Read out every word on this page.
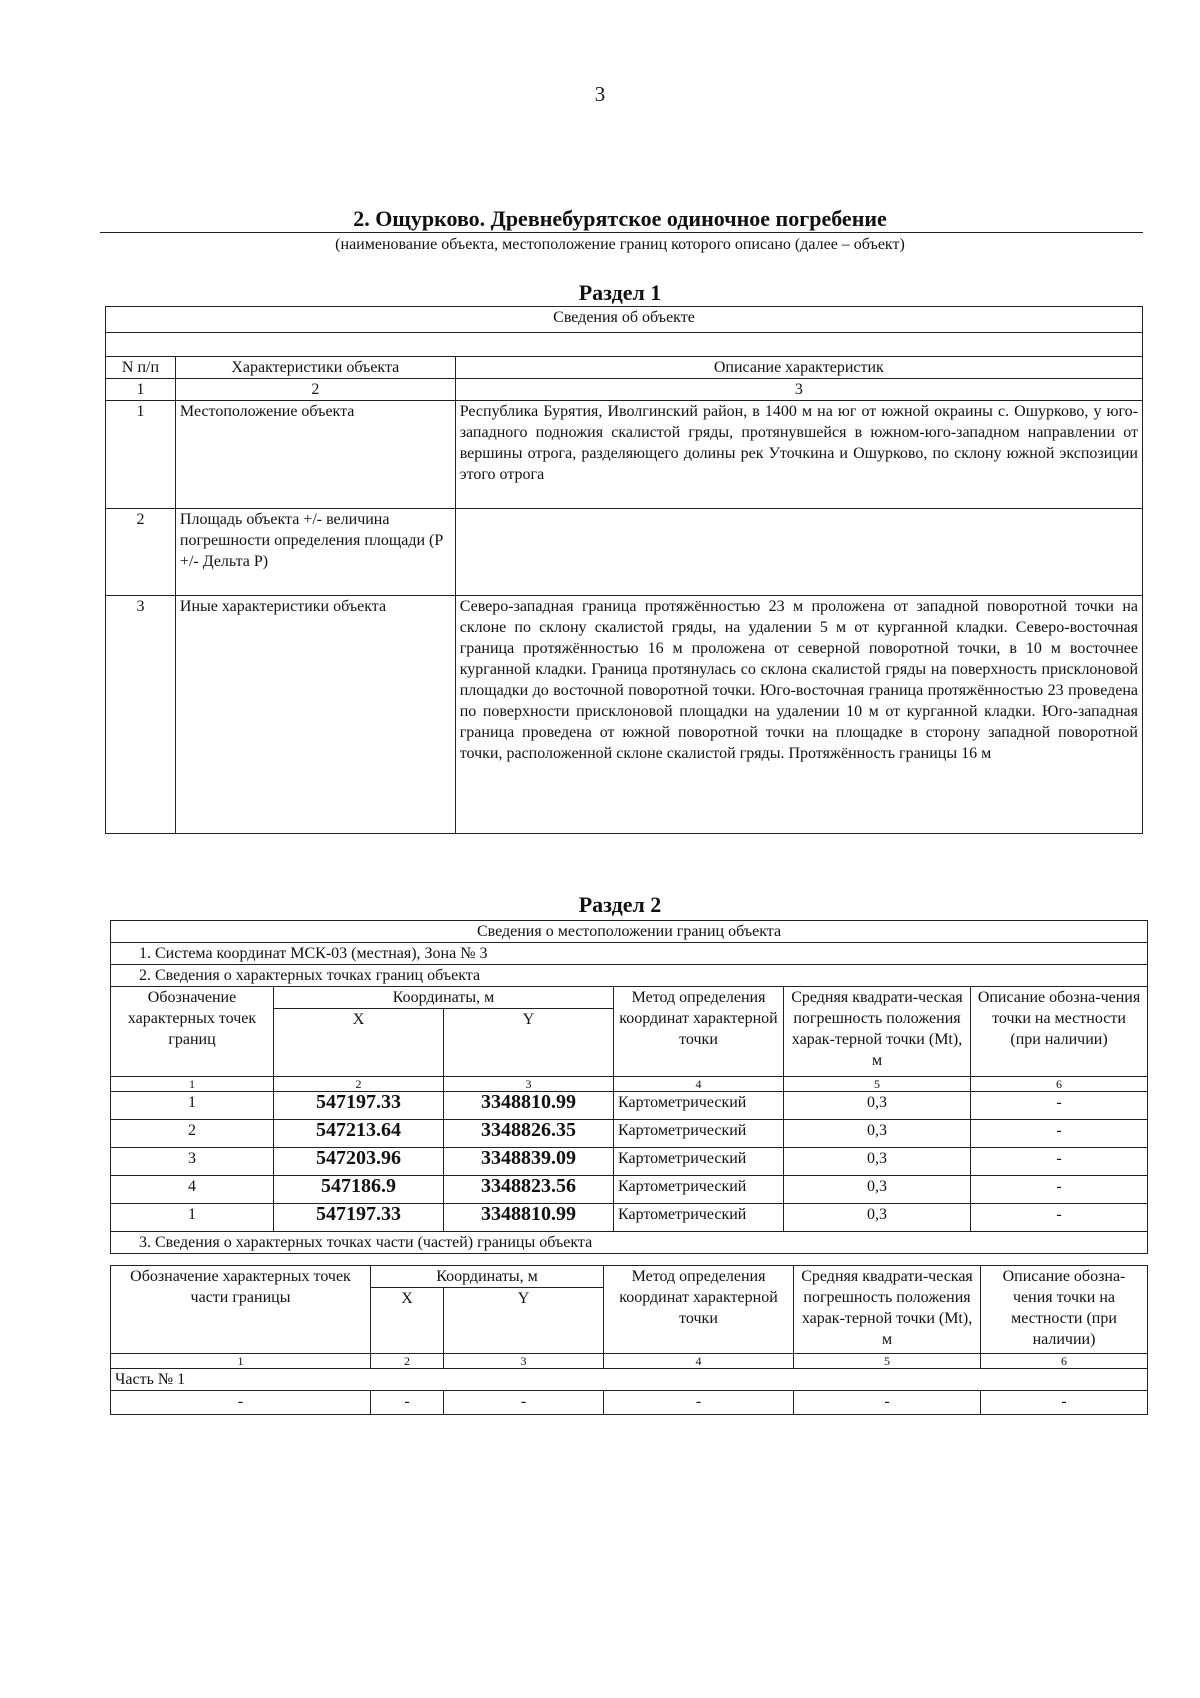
3
2. Ощурково. Древнебурятское одиночное погребение
(наименование объекта, местоположение границ которого описано (далее – объект)
Раздел 1
Сведения об объекте		

N п/п	Характеристики объекта	Описание характеристик
1	2	3
1	Местоположение объекта	Республика Бурятия, Иволгинский район, в 1400 м на юг от южной окраины с. Ошурково, у юго-западного подножия скалистой гряды, протянувшейся в южном-юго-западном направлении от вершины отрога, разделяющего долины рек Уточкина и Ошурково, по склону южной экспозиции этого отрога
2	Площадь объекта +/- величина погрешности определения площади (Р +/- Дельта Р)	
3	Иные характеристики объекта	Северо-западная граница протяжённостью 23 м проложена от западной поворотной точки на склоне по склону скалистой гряды, на удалении 5 м от курганной кладки. Северо-восточная граница протяжённостью 16 м проложена от северной поворотной точки, в 10 м восточнее курганной кладки. Граница протянулась со склона скалистой гряды на поверхность присклоновой площадки до восточной поворотной точки. Юго-восточная граница протяжённостью 23 проведена по поверхности присклоновой площадки на удалении 10 м от курганной кладки. Юго-западная граница проведена от южной поворотной точки на площадке в сторону западной поворотной точки, расположенной склоне скалистой гряды. Протяжённость границы 16 м
Раздел 2
Сведения о местоположении границ объекта					
1. Система координат МСК-03 (местная), Зона № 3					
2. Сведения о характерных точках границ объекта					
Обозначение характерных точек границ	Координаты, м		Метод определения координат характерной точки	Средняя квадрати-ческая погрешность положения харак-терной точки (Mt), м	Описание обозна-чения точки на местности (при наличии)
	X	Y			
1	2	3	4	5	6
1	547197.33	3348810.99	Картометрический	0,3	-
2	547213.64	3348826.35	Картометрический	0,3	-
3	547203.96	3348839.09	Картометрический	0,3	-
4	547186.9	3348823.56	Картометрический	0,3	-
1	547197.33	3348810.99	Картометрический	0,3	-
3. Сведения о характерных точках части (частей) границы объекта					
Обозначение характерных точек части границы	Координаты, м		Метод определения координат характерной точки	Средняя квадрати-ческая погрешность положения харак-терной точки (Mt), м	Описание обозна-чения точки на местности (при наличии)
	X	Y			
1	2	3	4	5	6
Часть № 1					
-	-	-	-	-	-
